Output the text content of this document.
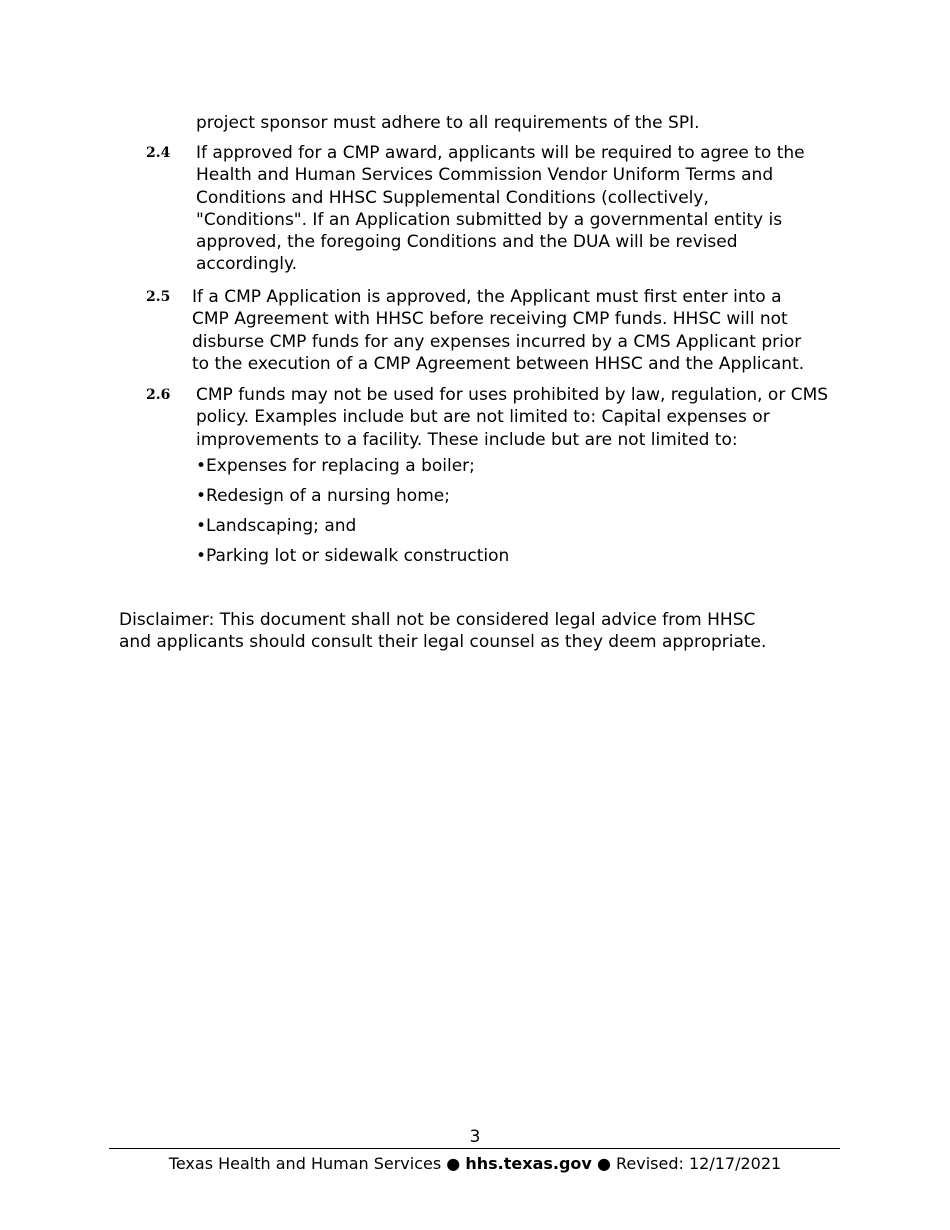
project sponsor must adhere to all requirements of the SPI.

2.4 If approved for a CMP award, applicants will be required to agree to the
Health and Human Services Commission Vendor Uniform Terms and
Conditions and HHSC Supplemental Conditions (collectively,
"Conditions". If an Application submitted by a governmental entity is
approved, the foregoing Conditions and the DUA will be revised
accordingly.

2.5 If a CMP Application is approved, the Applicant must first enter into a
CMP Agreement with HHSC before receiving CMP funds. HHSC will not
disburse CMP funds for any expenses incurred by a CMS Applicant prior
to the execution of a CMP Agreement between HHSC and the Applicant.

2.6 CMP funds may not be used for uses prohibited by law, regulation, or CMS
policy. Examples include but are not limited to: Capital expenses or
improvements to a facility. These include but are not limited to:

•Expenses for replacing a boiler;
•Redesign of a nursing home;
•Landscaping; and
•Parking lot or sidewalk construction

Disclaimer: This document shall not be considered legal advice from HHSC
and applicants should consult their legal counsel as they deem appropriate.

3
Texas Health and Human Services ● hhs.texas.gov ● Revised: 12/17/2021
